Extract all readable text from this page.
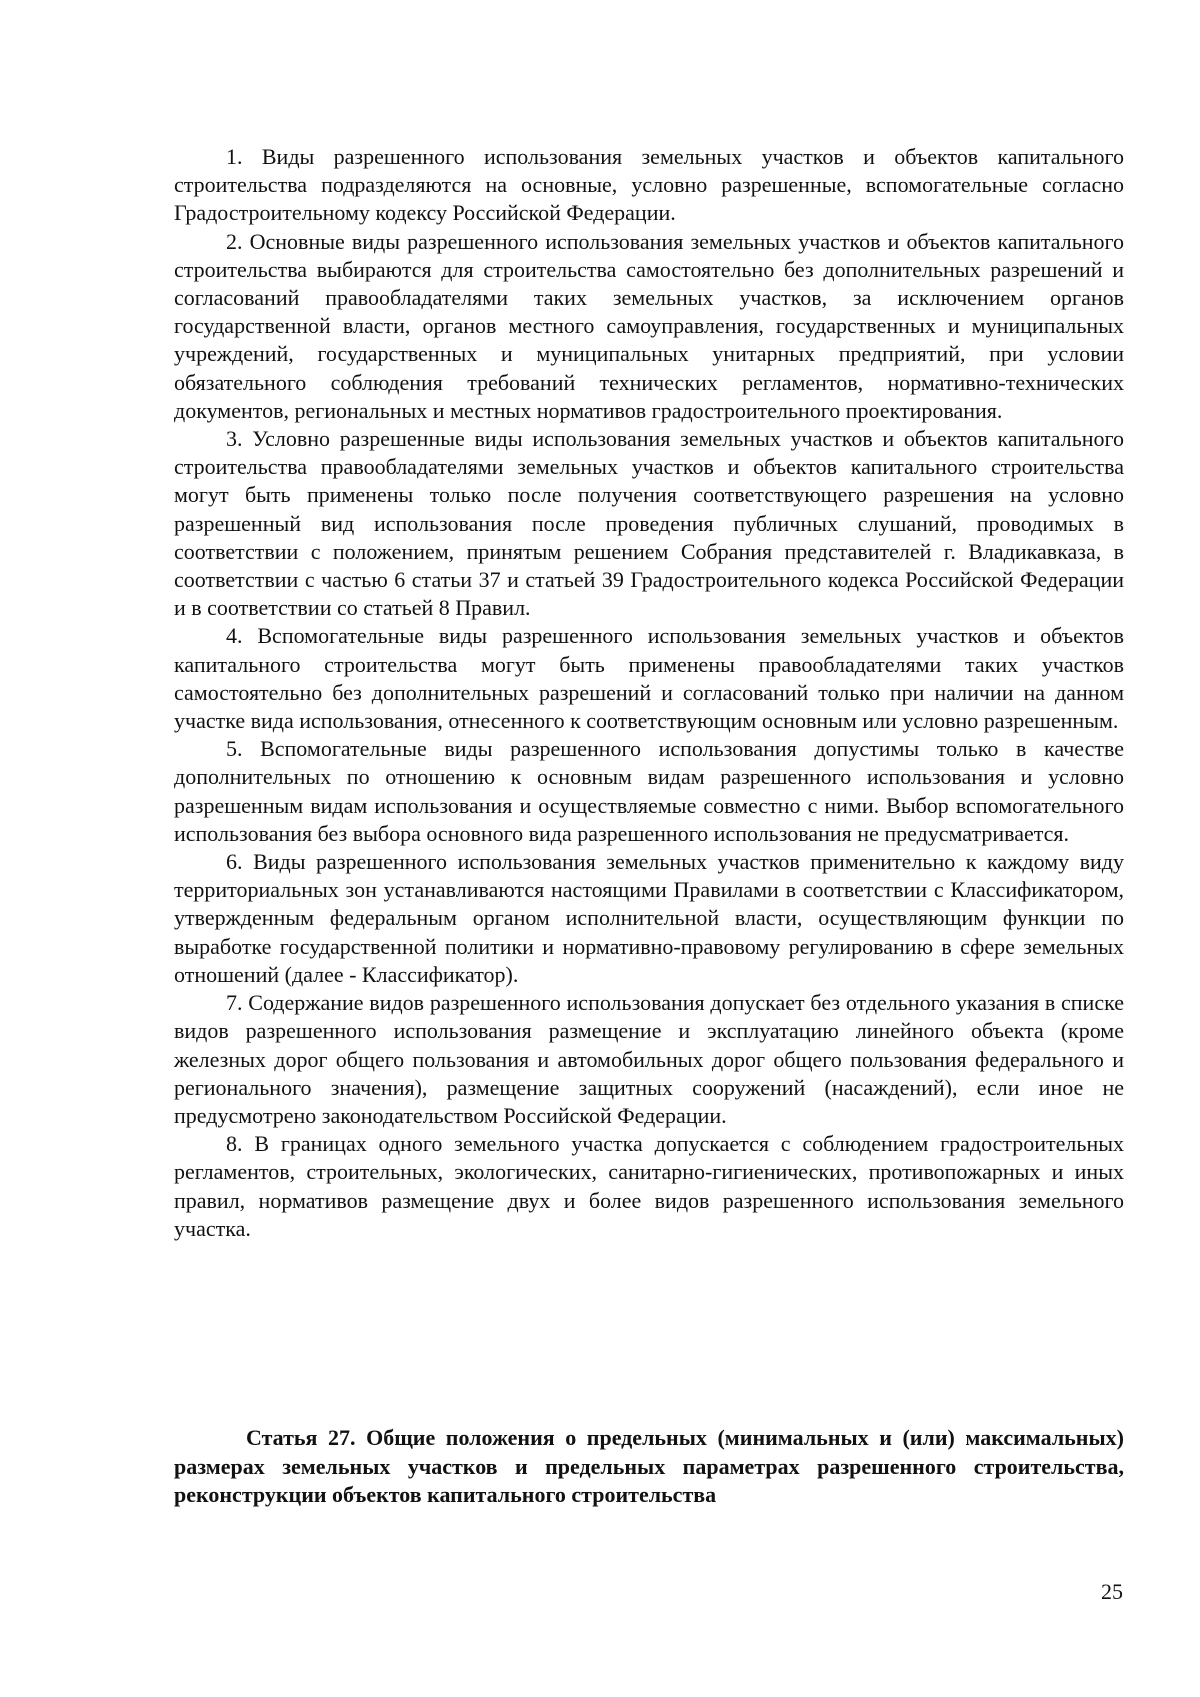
1. Виды разрешенного использования земельных участков и объектов капитального строительства подразделяются на основные, условно разрешенные, вспомогательные согласно Градостроительному кодексу Российской Федерации.

2. Основные виды разрешенного использования земельных участков и объектов капитального строительства выбираются для строительства самостоятельно без дополнительных разрешений и согласований правообладателями таких земельных участков, за исключением органов государственной власти, органов местного самоуправления, государственных и муниципальных учреждений, государственных и муниципальных унитарных предприятий, при условии обязательного соблюдения требований технических регламентов, нормативно-технических документов, региональных и местных нормативов градостроительного проектирования.

3. Условно разрешенные виды использования земельных участков и объектов капитального строительства правообладателями земельных участков и объектов капитального строительства могут быть применены только после получения соответствующего разрешения на условно разрешенный вид использования после проведения публичных слушаний, проводимых в соответствии с положением, принятым решением Собрания представителей г. Владикавказа, в соответствии с частью 6 статьи 37 и статьей 39 Градостроительного кодекса Российской Федерации и в соответствии со статьей 8 Правил.

4. Вспомогательные виды разрешенного использования земельных участков и объектов капитального строительства могут быть применены правообладателями таких участков самостоятельно без дополнительных разрешений и согласований только при наличии на данном участке вида использования, отнесенного к соответствующим основным или условно разрешенным.

5. Вспомогательные виды разрешенного использования допустимы только в качестве дополнительных по отношению к основным видам разрешенного использования и условно разрешенным видам использования и осуществляемые совместно с ними. Выбор вспомогательного использования без выбора основного вида разрешенного использования не предусматривается.

6. Виды разрешенного использования земельных участков применительно к каждому виду территориальных зон устанавливаются настоящими Правилами в соответствии с Классификатором, утвержденным федеральным органом исполнительной власти, осуществляющим функции по выработке государственной политики и нормативно-правовому регулированию в сфере земельных отношений (далее - Классификатор).

7. Содержание видов разрешенного использования допускает без отдельного указания в списке видов разрешенного использования размещение и эксплуатацию линейного объекта (кроме железных дорог общего пользования и автомобильных дорог общего пользования федерального и регионального значения), размещение защитных сооружений (насаждений), если иное не предусмотрено законодательством Российской Федерации.

8. В границах одного земельного участка допускается с соблюдением градостроительных регламентов, строительных, экологических, санитарно-гигиенических, противопожарных и иных правил, нормативов размещение двух и более видов разрешенного использования земельного участка.

Статья 27. Общие положения о предельных (минимальных и (или) максимальных) размерах земельных участков и предельных параметрах разрешенного строительства, реконструкции объектов капитального строительства

25
